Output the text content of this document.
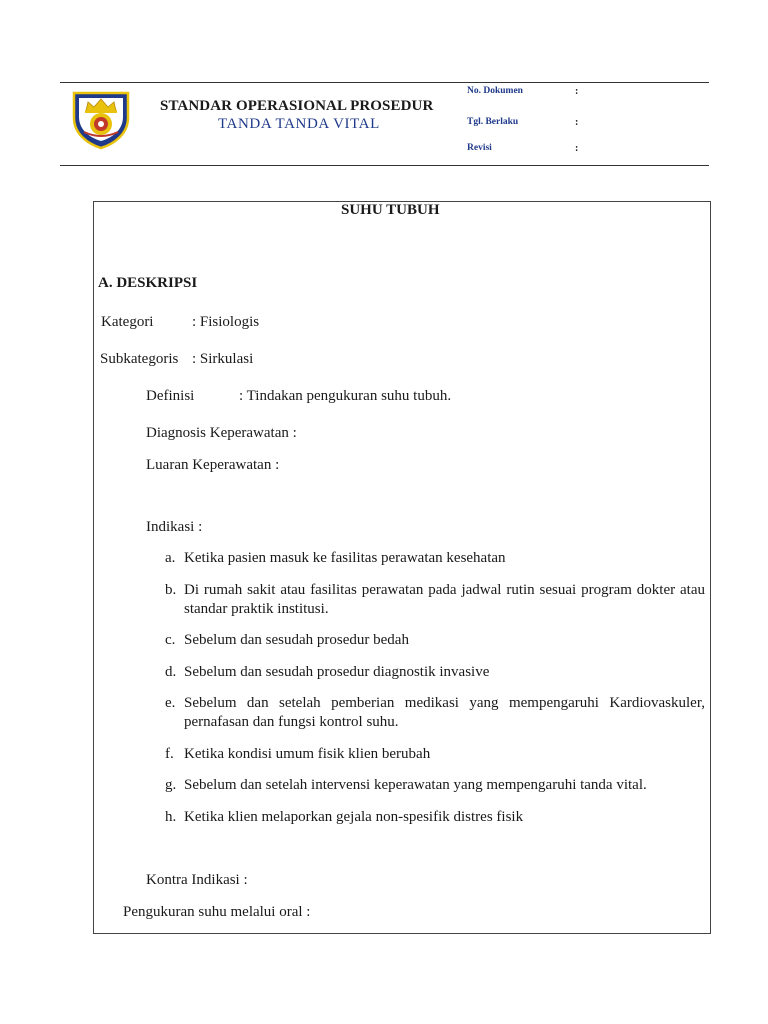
STANDAR OPERASIONAL PROSEDUR
TANDA TANDA VITAL
No. Dokumen	:
Tgl. Berlaku	:
Revisi	:
SUHU TUBUH
A. DESKRIPSI
Kategori	: Fisiologis
Subkategoris : Sirkulasi
Definisi	: Tindakan pengukuran suhu tubuh.
Diagnosis Keperawatan :
Luaran Keperawatan :
Indikasi :
a. Ketika pasien masuk ke fasilitas perawatan kesehatan
b. Di rumah sakit atau fasilitas perawatan pada jadwal rutin sesuai program dokter atau standar praktik institusi.
c. Sebelum dan sesudah prosedur bedah
d. Sebelum dan sesudah prosedur diagnostik invasive
e. Sebelum dan setelah pemberian medikasi yang mempengaruhi Kardiovaskuler, pernafasan dan fungsi kontrol suhu.
f. Ketika kondisi umum fisik klien berubah
g. Sebelum dan setelah intervensi keperawatan yang mempengaruhi tanda vital.
h. Ketika klien melaporkan gejala non-spesifik distres fisik
Kontra Indikasi :
Pengukuran suhu melalui oral :
